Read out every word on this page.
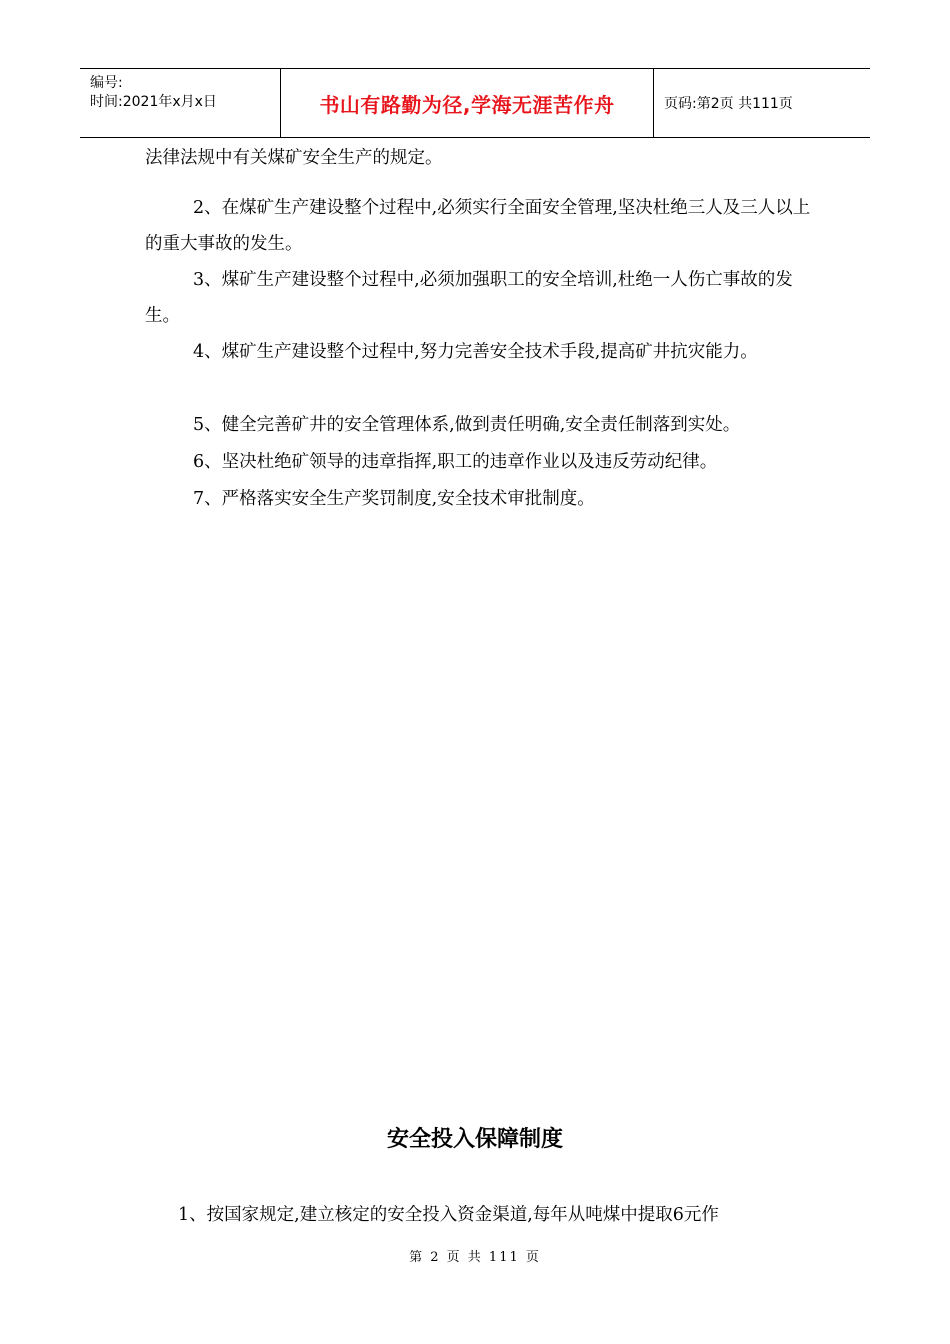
编号:
时间:2021年x月x日	书山有路勤为径,学海无涯苦作舟	页码:第2页 共111页

法律法规中有关煤矿安全生产的规定。

2、在煤矿生产建设整个过程中,必须实行全面安全管理,坚决杜绝三人及三人以上的重大事故的发生。

3、煤矿生产建设整个过程中,必须加强职工的安全培训,杜绝一人伤亡事故的发生。

4、煤矿生产建设整个过程中,努力完善安全技术手段,提高矿井抗灾能力。

5、健全完善矿井的安全管理体系,做到责任明确,安全责任制落到实处。

6、坚决杜绝矿领导的违章指挥,职工的违章作业以及违反劳动纪律。

7、严格落实安全生产奖罚制度,安全技术审批制度。

安全投入保障制度

1、按国家规定,建立核定的安全投入资金渠道,每年从吨煤中提取6元作

第 2 页 共 111 页
